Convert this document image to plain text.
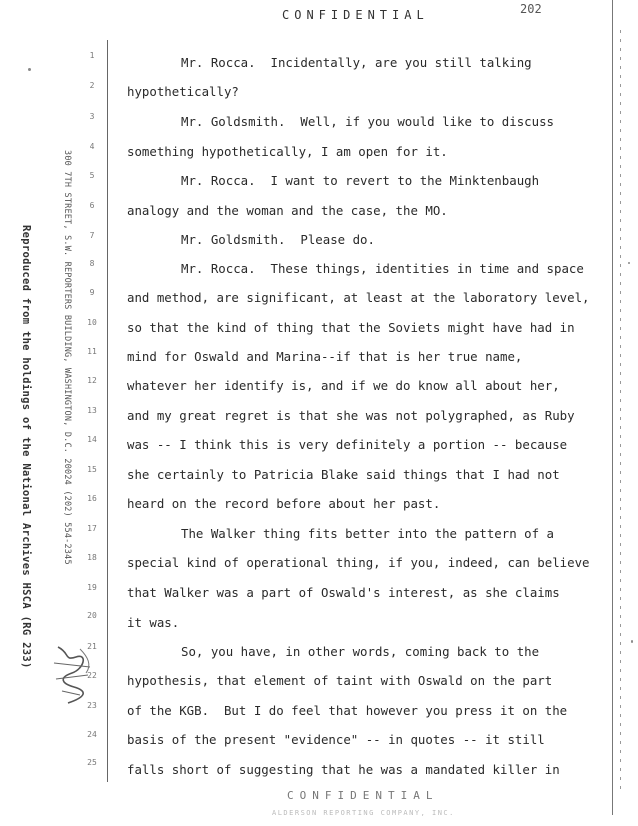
CONFIDENTIAL	202
Reproduced from the holdings of the National Archives HSCA (RG 233)	300 7TH STREET, S.W. REPORTERS BUILDING, WASHINGTON, D.C. 20024 (202) 554-2345
1
2
3
4
5
6
7
8
9
10
11
12
13
14
15
16
17
18
19
20
21
22
23
24
25
Mr. Rocca.  Incidentally, are you still talking
hypothetically?
Mr. Goldsmith.  Well, if you would like to discuss
something hypothetically, I am open for it.
Mr. Rocca.  I want to revert to the Minktenbaugh
analogy and the woman and the case, the MO.
Mr. Goldsmith.  Please do.
Mr. Rocca.  These things, identities in time and space
and method, are significant, at least at the laboratory level,
so that the kind of thing that the Soviets might have had in
mind for Oswald and Marina--if that is her true name,
whatever her identify is, and if we do know all about her,
and my great regret is that she was not polygraphed, as Ruby
was -- I think this is very definitely a portion -- because
she certainly to Patricia Blake said things that I had not
heard on the record before about her past.
The Walker thing fits better into the pattern of a
special kind of operational thing, if you, indeed, can believe
that Walker was a part of Oswald's interest, as she claims
it was.
So, you have, in other words, coming back to the
hypothesis, that element of taint with Oswald on the part
of the KGB.  But I do feel that however you press it on the
basis of the present "evidence" -- in quotes -- it still
falls short of suggesting that he was a mandated killer in
CONFIDENTIAL
ALDERSON REPORTING COMPANY, INC.
